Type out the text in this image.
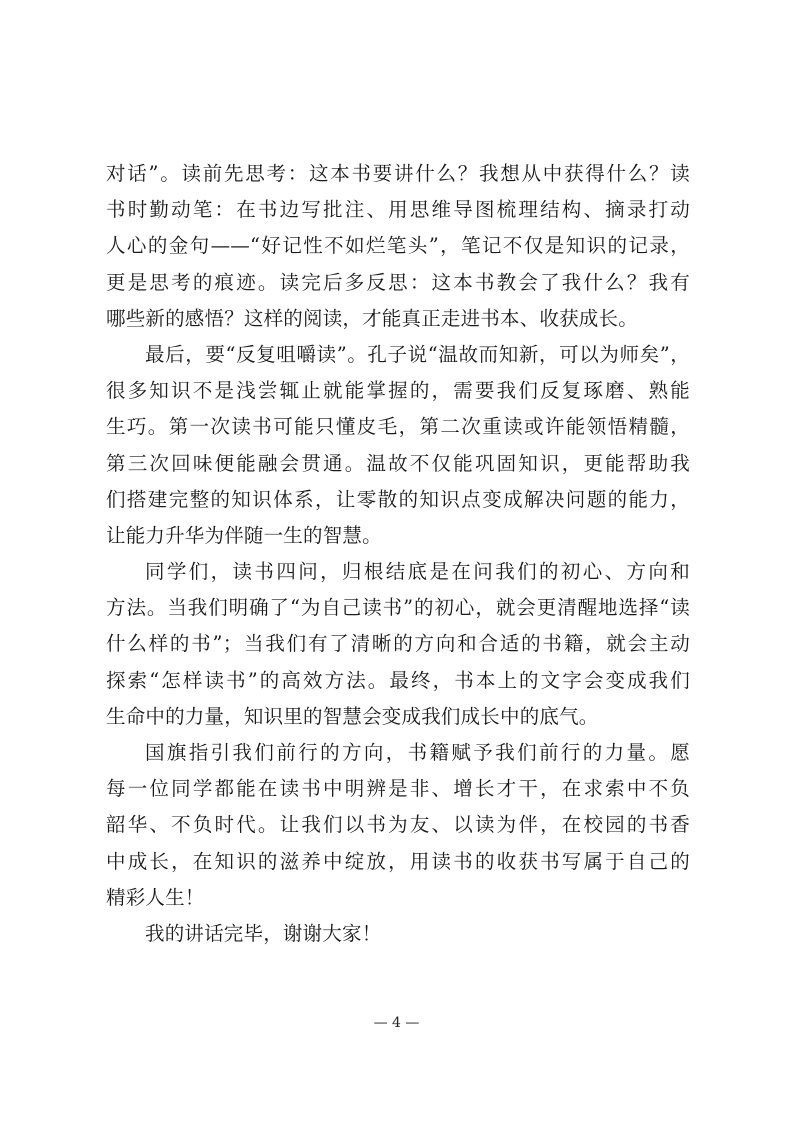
对话”。读前先思考：这本书要讲什么？我想从中获得什么？读
书时勤动笔：在书边写批注、用思维导图梳理结构、摘录打动
人心的金句——“好记性不如烂笔头”，笔记不仅是知识的记录，
更是思考的痕迹。读完后多反思：这本书教会了我什么？我有
哪些新的感悟？这样的阅读，才能真正走进书本、收获成长。
最后，要“反复咀嚼读”。孔子说“温故而知新，可以为师矣”，
很多知识不是浅尝辄止就能掌握的，需要我们反复琢磨、熟能
生巧。第一次读书可能只懂皮毛，第二次重读或许能领悟精髓，
第三次回味便能融会贯通。温故不仅能巩固知识，更能帮助我
们搭建完整的知识体系，让零散的知识点变成解决问题的能力，
让能力升华为伴随一生的智慧。
同学们，读书四问，归根结底是在问我们的初心、方向和
方法。当我们明确了“为自己读书”的初心，就会更清醒地选择“读
什么样的书”；当我们有了清晰的方向和合适的书籍，就会主动
探索“怎样读书”的高效方法。最终，书本上的文字会变成我们
生命中的力量，知识里的智慧会变成我们成长中的底气。
国旗指引我们前行的方向，书籍赋予我们前行的力量。愿
每一位同学都能在读书中明辨是非、增长才干，在求索中不负
韶华、不负时代。让我们以书为友、以读为伴，在校园的书香
中成长，在知识的滋养中绽放，用读书的收获书写属于自己的
精彩人生！
我的讲话完毕，谢谢大家！
— 4 —
